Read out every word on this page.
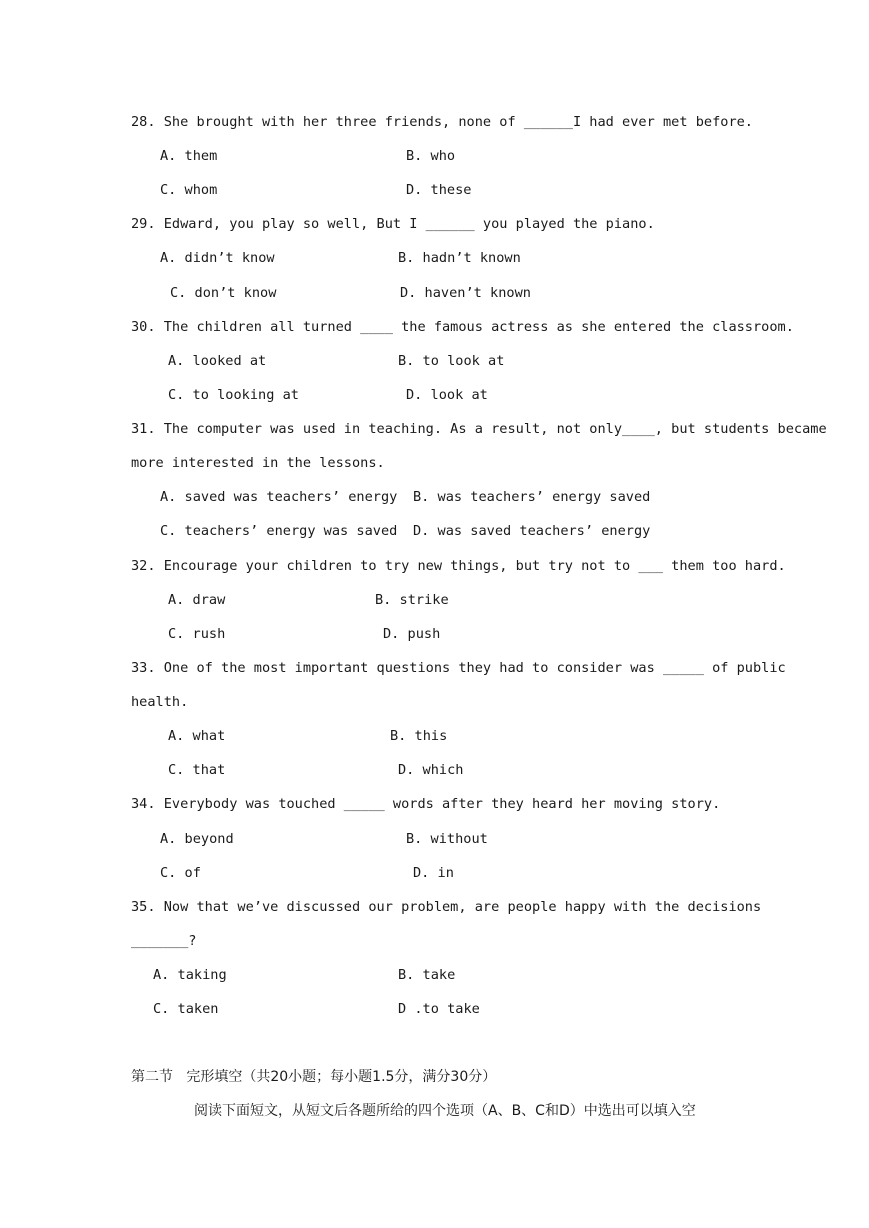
28. She brought with her three friends, none of ______I had ever met before.
A. them	B. who
C. whom	D. these
29. Edward, you play so well, But I ______ you played the piano.
A. didn’t know	B. hadn’t known
C. don’t know	D. haven’t known
30. The children all turned ____ the famous actress as she entered the classroom.
A. looked at	B. to look at
C. to looking at	D. look at
31. The computer was used in teaching. As a result, not only____, but students became
more interested in the lessons.
A. saved was teachers’ energy B. was teachers’ energy saved
C. teachers’ energy was saved D. was saved teachers’ energy
32. Encourage your children to try new things, but try not to ___ them too hard.
A. draw	B. strike
C. rush	D. push
33. One of the most important questions they had to consider was _____ of public
health.
A. what	B. this
C. that	D. which
34. Everybody was touched _____ words after they heard her moving story.
A. beyond	B. without
C. of	D. in
35. Now that we’ve discussed our problem, are people happy with the decisions
_______?
A. taking	B. take
C. taken	D .to take
第二节   完形填空（共20小题；每小题1.5分，满分30分）
阅读下面短文，从短文后各题所给的四个选项（A、B、C和D）中选出可以填入空
